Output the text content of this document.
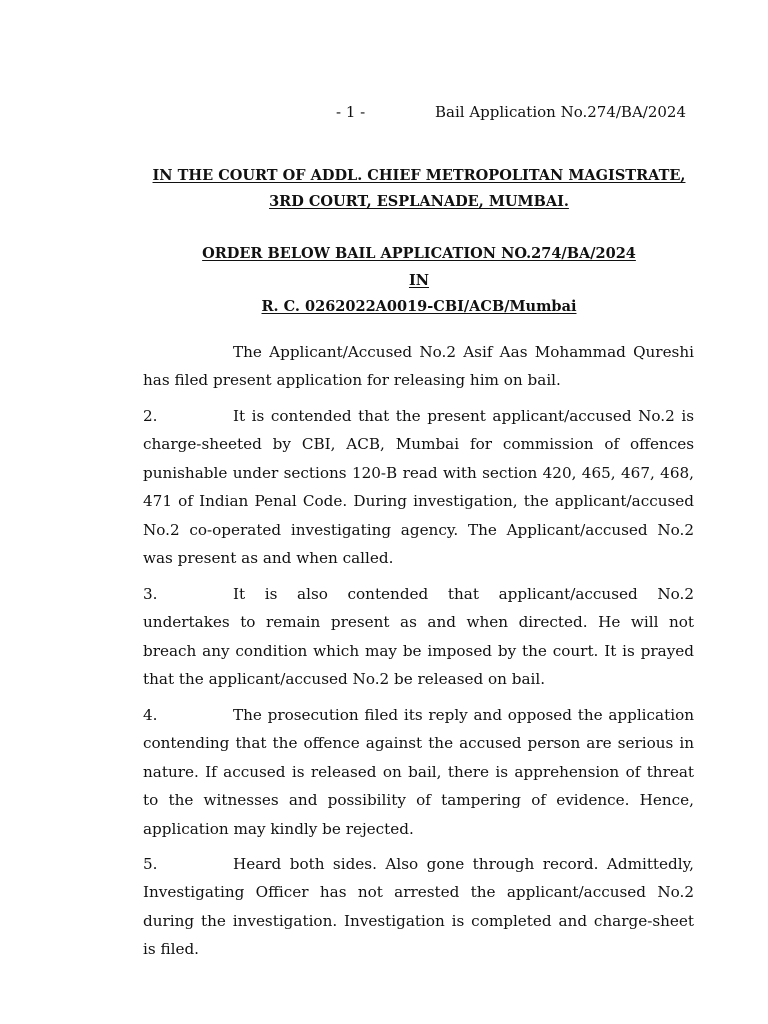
- 1 -	Bail Application No.274/BA/2024
IN THE COURT OF ADDL. CHIEF METROPOLITAN MAGISTRATE,
3RD COURT, ESPLANADE, MUMBAI.
ORDER BELOW BAIL APPLICATION NO.274/BA/2024
IN
R. C. 0262022A0019-CBI/ACB/Mumbai

The Applicant/Accused No.2 Asif Aas Mohammad Qureshi has filed present application for releasing him on bail.

2.	It is contended that the present applicant/accused No.2 is charge-sheeted by CBI, ACB, Mumbai for commission of offences punishable under sections 120-B read with section 420, 465, 467, 468, 471 of Indian Penal Code. During investigation, the applicant/accused No.2 co-operated investigating agency. The Applicant/accused No.2 was present as and when called.

3.	It is also contended that applicant/accused No.2 undertakes to remain present as and when directed. He will not breach any condition which may be imposed by the court. It is prayed that the applicant/accused No.2 be released on bail.

4.	The prosecution filed its reply and opposed the application contending that the offence against the accused person are serious in nature. If accused is released on bail, there is apprehension of threat to the witnesses and possibility of tampering of evidence. Hence, application may kindly be rejected.

5.	Heard both sides. Also gone through record. Admittedly, Investigating Officer has not arrested the applicant/accused No.2 during the investigation. Investigation is completed and charge-sheet is filed.
